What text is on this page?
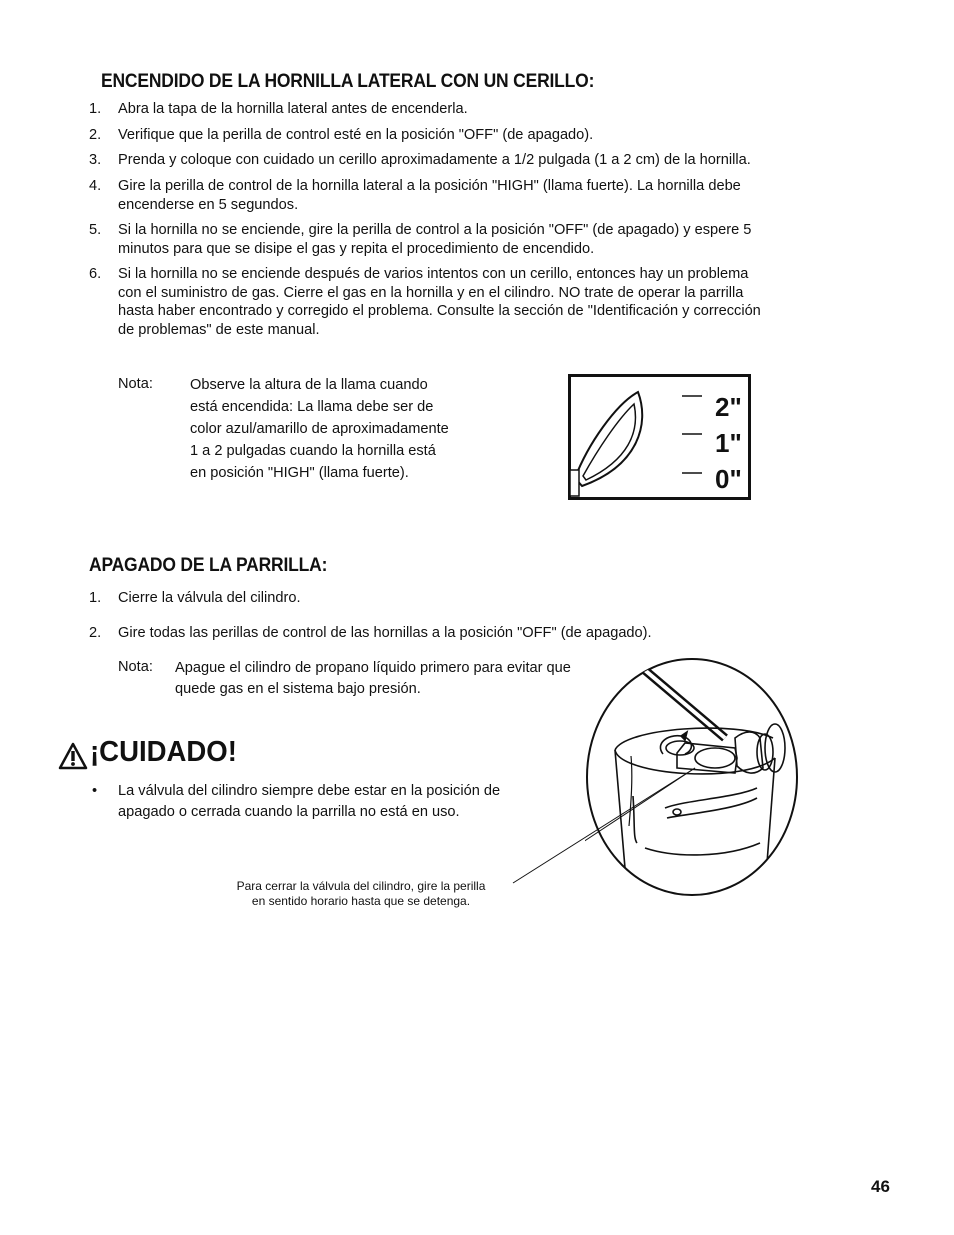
ENCENDIDO DE LA HORNILLA LATERAL CON UN CERILLO:
1.	Abra la tapa de la hornilla lateral antes de encenderla.
2.	Verifique que la perilla de control esté en la posición "OFF" (de apagado).
3.	Prenda y coloque con cuidado un cerillo aproximadamente a 1/2 pulgada (1 a 2 cm) de la hornilla.
4.	Gire la perilla de control de la hornilla lateral a la posición "HIGH" (llama fuerte). La hornilla debe
encenderse en 5 segundos.
5.	Si la hornilla no se enciende, gire la perilla de control a la posición "OFF" (de apagado) y espere 5
minutos para que se disipe el gas y repita el procedimiento de encendido.
6.	Si la hornilla no se enciende después de varios intentos con un cerillo, entonces hay un problema
con el suministro de gas. Cierre el gas en la hornilla y en el cilindro. NO trate de operar la parrilla
hasta haber encontrado y corregido el problema. Consulte la sección de "Identificación y corrección
de problemas" de este manual.
Nota:	Observe la altura de la llama cuando
está encendida: La llama debe ser de
color azul/amarillo de aproximadamente
1 a 2 pulgadas cuando la hornilla está
en posición "HIGH" (llama fuerte).
2"
1"
0"
APAGADO DE LA PARRILLA:
1.	Cierre la válvula del cilindro.
2.	Gire todas las perillas de control de las hornillas a la posición "OFF" (de apagado).
Nota: Apague el cilindro de propano líquido primero para evitar que
quede gas en el sistema bajo presión.
¡CUIDADO!
•	La válvula del cilindro siempre debe estar en la posición de
apagado o cerrada cuando la parrilla no está en uso.
Para cerrar la válvula del cilindro, gire la perilla
en sentido horario hasta que se detenga.
46
